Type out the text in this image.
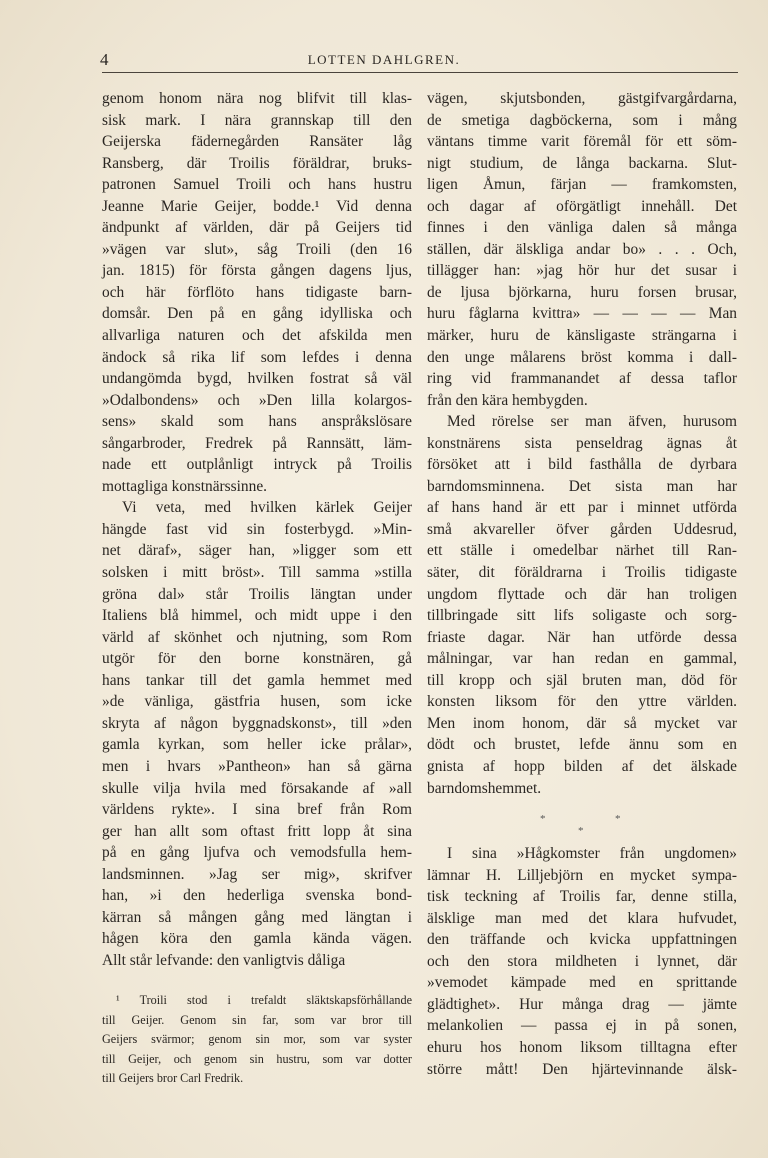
4	LOTTEN DAHLGREN.
genom honom nära nog blifvit till klas-
sisk mark. I nära grannskap till den
Geijerska fädernegården Ransäter låg
Ransberg, där Troilis föräldrar, bruks-
patronen Samuel Troili och hans hustru
Jeanne Marie Geijer, bodde.¹ Vid denna
ändpunkt af världen, där på Geijers tid
»vägen var slut», såg Troili (den 16
jan. 1815) för första gången dagens ljus,
och här förflöto hans tidigaste barn-
domsår. Den på en gång idylliska och
allvarliga naturen och det afskilda men
ändock så rika lif som lefdes i denna
undangömda bygd, hvilken fostrat så väl
»Odalbondens» och »Den lilla kolargos-
sens» skald som hans anspråkslösare
sångarbroder, Fredrek på Rannsätt, läm-
nade ett outplånligt intryck på Troilis
mottagliga konstnärssinne.
Vi veta, med hvilken kärlek Geijer
hängde fast vid sin fosterbygd. »Min-
net däraf», säger han, »ligger som ett
solsken i mitt bröst». Till samma »stilla
gröna dal» står Troilis längtan under
Italiens blå himmel, och midt uppe i den
värld af skönhet och njutning, som Rom
utgör för den borne konstnären, gå
hans tankar till det gamla hemmet med
»de vänliga, gästfria husen, som icke
skryta af någon byggnadskonst», till »den
gamla kyrkan, som heller icke prålar»,
men i hvars »Pantheon» han så gärna
skulle vilja hvila med försakande af »all
världens rykte». I sina bref från Rom
ger han allt som oftast fritt lopp åt sina
på en gång ljufva och vemodsfulla hem-
landsminnen. »Jag ser mig», skrifver
han, »i den hederliga svenska bond-
kärran så mången gång med längtan i
hågen köra den gamla kända vägen.
Allt står lefvande: den vanligtvis dåliga
¹ Troili stod i trefaldt släktskapsförhållande
till Geijer. Genom sin far, som var bror till
Geijers svärmor; genom sin mor, som var syster
till Geijer, och genom sin hustru, som var dotter
till Geijers bror Carl Fredrik.
vägen, skjutsbonden, gästgifvargårdarna,
de smetiga dagböckerna, som i mång
väntans timme varit föremål för ett söm-
nigt studium, de långa backarna. Slut-
ligen Åmun, färjan — framkomsten,
och dagar af oförgätligt innehåll. Det
finnes i den vänliga dalen så många
ställen, där älskliga andar bo» . . . Och,
tillägger han: »jag hör hur det susar i
de ljusa björkarna, huru forsen brusar,
huru fåglarna kvittra» — — — — Man
märker, huru de känsligaste strängarna i
den unge målarens bröst komma i dall-
ring vid frammanandet af dessa taflor
från den kära hembygden.
Med rörelse ser man äfven, hurusom
konstnärens sista penseldrag ägnas åt
försöket att i bild fasthålla de dyrbara
barndomsminnena. Det sista man har
af hans hand är ett par i minnet utförda
små akvareller öfver gården Uddesrud,
ett ställe i omedelbar närhet till Ran-
säter, dit föräldrarna i Troilis tidigaste
ungdom flyttade och där han troligen
tillbringade sitt lifs soligaste och sorg-
friaste dagar. När han utförde dessa
målningar, var han redan en gammal,
till kropp och själ bruten man, död för
konsten liksom för den yttre världen.
Men inom honom, där så mycket var
dödt och brustet, lefde ännu som en
gnista af hopp bilden af det älskade
barndomshemmet.
*	*
*
I sina »Hågkomster från ungdomen»
lämnar H. Lilljebjörn en mycket sympa-
tisk teckning af Troilis far, denne stilla,
älsklige man med det klara hufvudet,
den träffande och kvicka uppfattningen
och den stora mildheten i lynnet, där
»vemodet kämpade med en sprittande
glädtighet». Hur många drag — jämte
melankolien — passa ej in på sonen,
ehuru hos honom liksom tilltagna efter
större mått! Den hjärtevinnande älsk-
